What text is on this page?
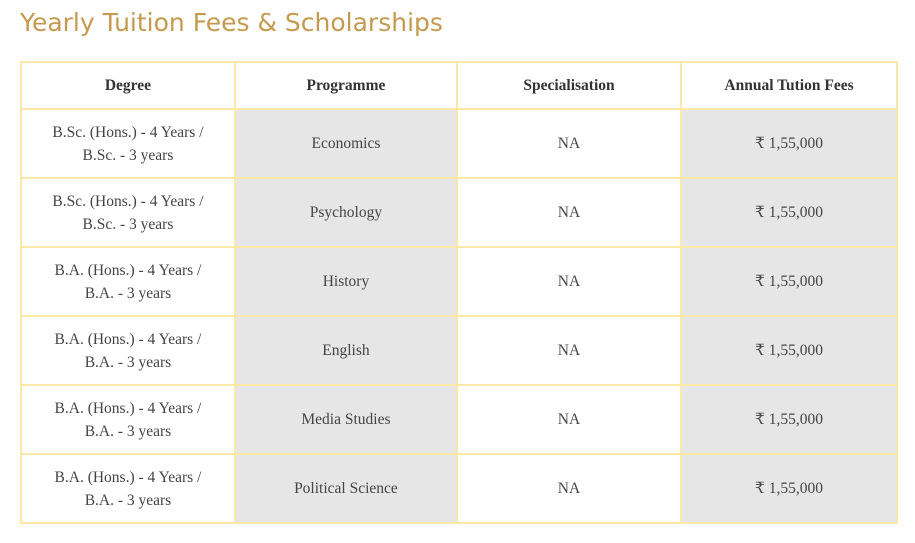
Yearly Tuition Fees & Scholarships
Degree	Programme	Specialisation	Annual Tution Fees

B.Sc. (Hons.) - 4 Years /
B.Sc. - 3 years	Economics	NA	₹ 1,55,000

B.Sc. (Hons.) - 4 Years /
B.Sc. - 3 years	Psychology	NA	₹ 1,55,000

B.A. (Hons.) - 4 Years /
B.A. - 3 years	History	NA	₹ 1,55,000

B.A. (Hons.) - 4 Years /
B.A. - 3 years	English	NA	₹ 1,55,000

B.A. (Hons.) - 4 Years /
B.A. - 3 years	Media Studies	NA	₹ 1,55,000

B.A. (Hons.) - 4 Years /
B.A. - 3 years	Political Science	NA	₹ 1,55,000
